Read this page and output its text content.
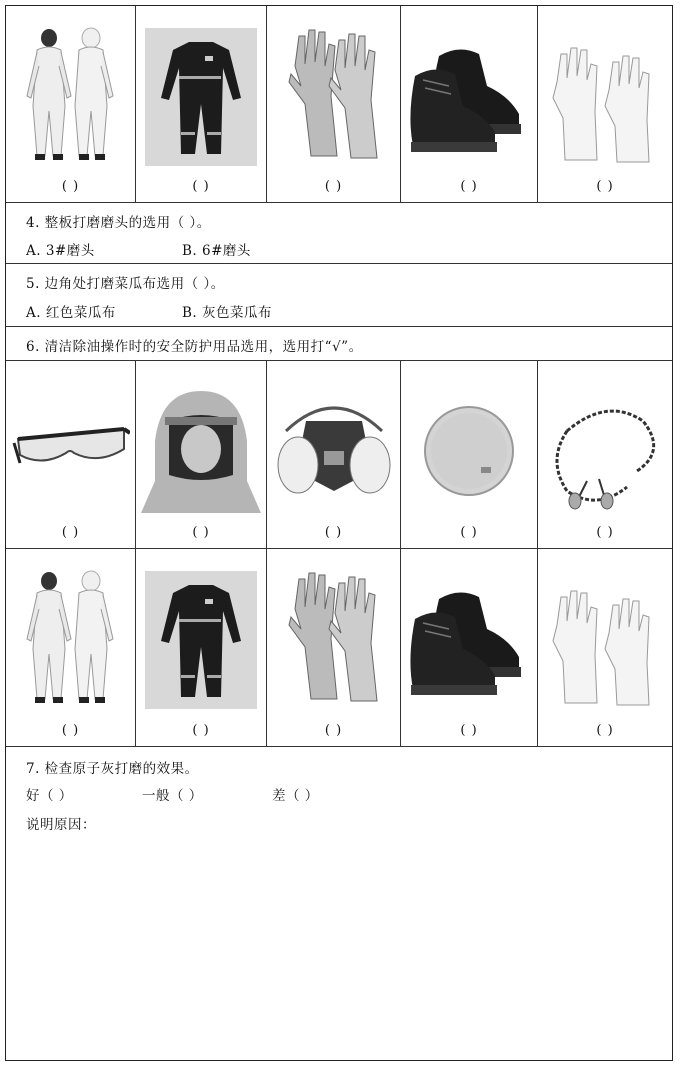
( )	( )	( )	( )	( )
4. 整板打磨磨头的选用（ ）。
A. 3#磨头	B. 6#磨头
5. 边角处打磨菜瓜布选用（ ）。
A. 红色菜瓜布	B. 灰色菜瓜布
6. 清洁除油操作时的安全防护用品选用，选用打“√”。
( )	( )	( )	( )	( )
( )	( )	( )	( )	( )
7. 检查原子灰打磨的效果。
好（ ）	一般（ ）	差（ ）
说明原因：
